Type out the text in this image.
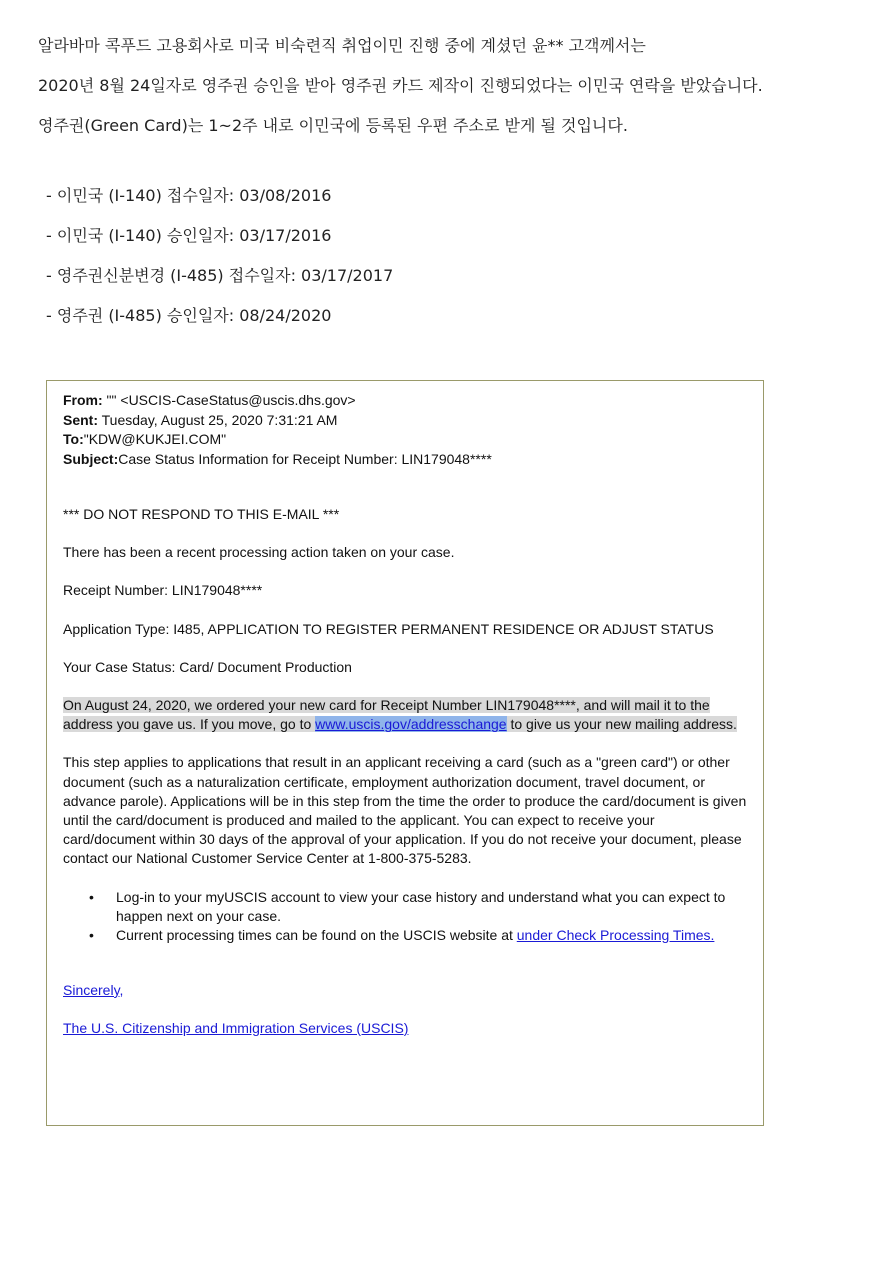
알라바마 콕푸드 고용회사로 미국 비숙련직 취업이민 진행 중에 계셨던 윤** 고객께서는

2020년 8월 24일자로 영주권 승인을 받아 영주권 카드 제작이 진행되었다는 이민국 연락을 받았습니다.

영주권(Green Card)는 1~2주 내로 이민국에 등록된 우편 주소로 받게 될 것입니다.

- 이민국 (I-140) 접수일자: 03/08/2016
- 이민국 (I-140) 승인일자: 03/17/2016
- 영주권신분변경 (I-485) 접수일자: 03/17/2017
- 영주권 (I-485) 승인일자: 08/24/2020
From: "" <USCIS-CaseStatus@uscis.dhs.gov>
Sent: Tuesday, August 25, 2020 7:31:21 AM
To:"KDW@KUKJEI.COM"
Subject:Case Status Information for Receipt Number: LIN179048****

*** DO NOT RESPOND TO THIS E-MAIL ***

There has been a recent processing action taken on your case.

Receipt Number: LIN179048****

Application Type: I485, APPLICATION TO REGISTER PERMANENT RESIDENCE OR ADJUST STATUS

Your Case Status: Card/ Document Production

On August 24, 2020, we ordered your new card for Receipt Number LIN179048****, and will mail it to the address you gave us. If you move, go to www.uscis.gov/addresschange to give us your new mailing address.

This step applies to applications that result in an applicant receiving a card (such as a "green card") or other document (such as a naturalization certificate, employment authorization document, travel document, or advance parole). Applications will be in this step from the time the order to produce the card/document is given until the card/document is produced and mailed to the applicant. You can expect to receive your card/document within 30 days of the approval of your application. If you do not receive your document, please contact our National Customer Service Center at 1-800-375-5283.

• Log-in to your myUSCIS account to view your case history and understand what you can expect to happen next on your case.
• Current processing times can be found on the USCIS website at under Check Processing Times.

Sincerely,

The U.S. Citizenship and Immigration Services (USCIS)
